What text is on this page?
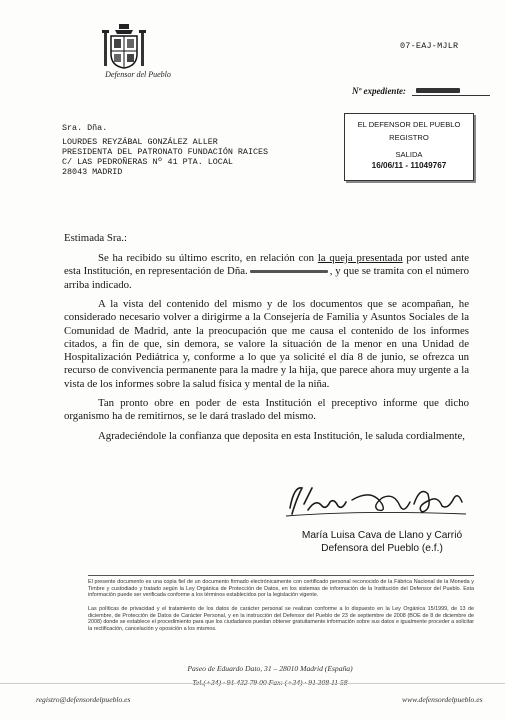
Defensor del Pueblo
07-EAJ-MJLR
Nº expediente:
Sra. Dña.
LOURDES REYZÁBAL GONZÁLEZ ALLER
PRESIDENTA DEL PATRONATO FUNDACIÓN RAICES
C/ LAS PEDROÑERAS Nº 41 PTA. LOCAL
28043 MADRID
EL DEFENSOR DEL PUEBLO
REGISTRO
SALIDA
16/06/11 - 11049767
Estimada Sra.:
Se ha recibido su último escrito, en relación con la queja presentada por usted ante esta Institución, en representación de Dña.	, y que se tramita con el número arriba indicado.
A la vista del contenido del mismo y de los documentos que se acompañan, he considerado necesario volver a dirigirme a la Consejería de Familia y Asuntos Sociales de la Comunidad de Madrid, ante la preocupación que me causa el contenido de los informes citados, a fin de que, sin demora, se valore la situación de la menor en una Unidad de Hospitalización Pediátrica y, conforme a lo que ya solicité el día 8 de junio, se ofrezca un recurso de convivencia permanente para la madre y la hija, que parece ahora muy urgente a la vista de los informes sobre la salud física y mental de la niña.
Tan pronto obre en poder de esta Institución el preceptivo informe que dicho organismo ha de remitirnos, se le dará traslado del mismo.
Agradeciéndole la confianza que deposita en esta Institución, le saluda cordialmente,
María Luisa Cava de Llano y Carrió
Defensora del Pueblo (e.f.)
El presente documento es una copia fiel de un documento firmado electrónicamente con certificado personal reconocido de la Fábrica Nacional de la Moneda y Timbre y custodiado y tratado según la Ley Orgánica de Protección de Datos, en los sistemas de información de la Institución del Defensor del Pueblo. Esta información puede ser verificada conforme a los términos establecidos por la legislación vigente.
Las políticas de privacidad y el tratamiento de los datos de carácter personal se realizan conforme a lo dispuesto en la Ley Orgánica 15/1999, de 13 de diciembre, de Protección de Datos de Carácter Personal, y en la instrucción del Defensor del Pueblo de 23 de septiembre de 2008 (BOE de 8 de diciembre de 2008) donde se establece el procedimiento para que los ciudadanos puedan obtener gratuitamente información sobre sus datos e igualmente proceder a solicitar la rectificación, cancelación y oposición a los mismos.
Paseo de Eduardo Dato, 31 – 28010 Madrid (España)
Tel.(+34) · 91 432 79 00 Fax: (+34) · 91 308 11 58
registro@defensordelpueblo.es	www.defensordelpueblo.es
